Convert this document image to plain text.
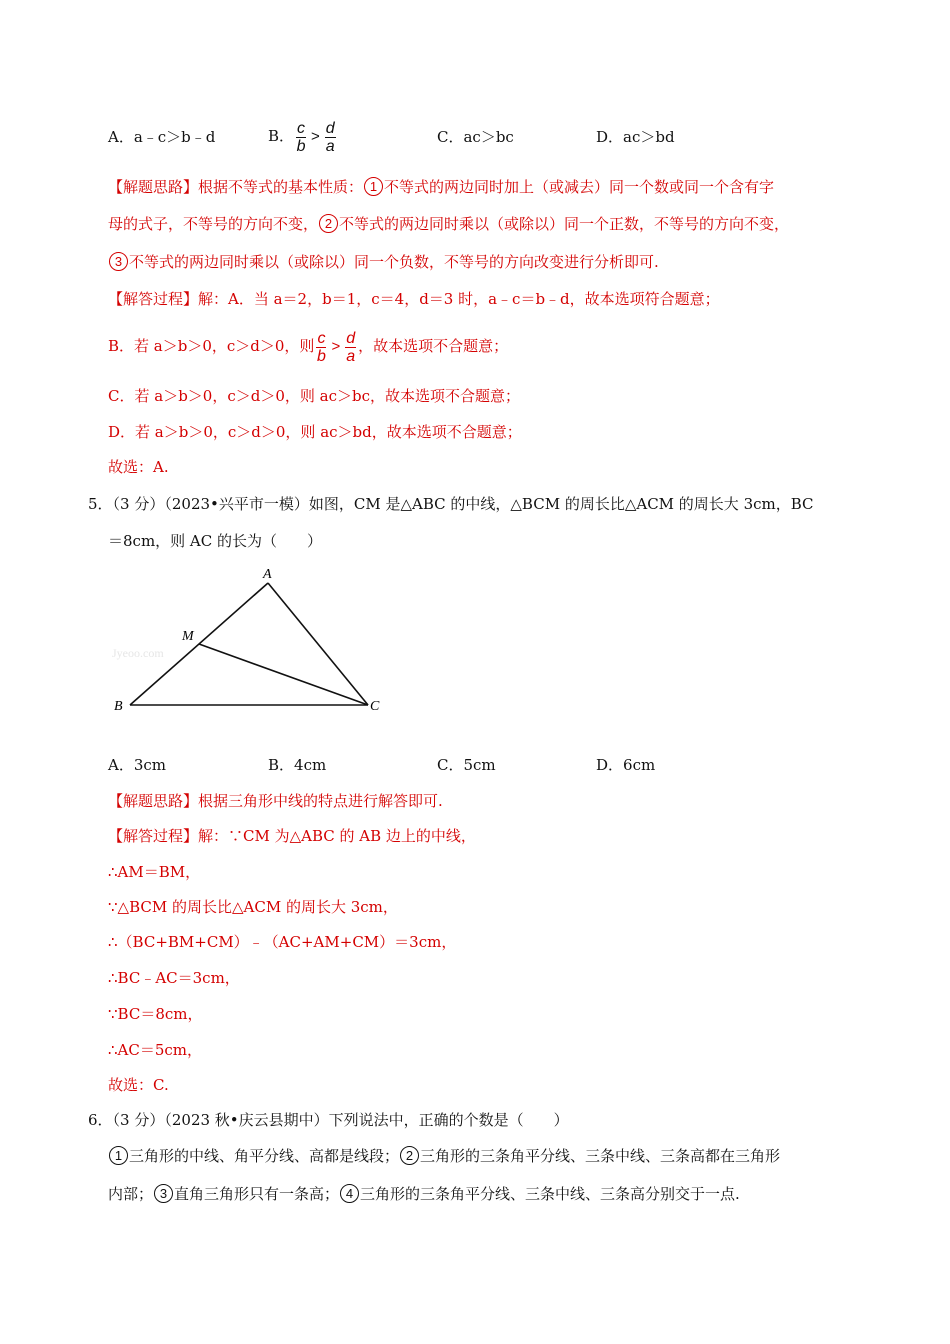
A．a﹣c＞b﹣d	B． $\frac{c}{b} > \frac{d}{a}$	C．ac＞bc	D．ac＞bd
【解题思路】根据不等式的基本性质： 1 不等式的两边同时加上（或减去）同一个数或同一个含有字
母的式子，不等号的方向不变， 2 不等式的两边同时乘以（或除以）同一个正数，不等号的方向不变，
3 不等式的两边同时乘以（或除以）同一个负数，不等号的方向改变进行分析即可.
【解答过程】解：A．当 a＝2，b＝1，c＝4，d＝3 时，a﹣c＝b﹣d，故本选项符合题意；
B．若 a＞b＞0，c＞d＞0，则 $\frac{c}{b} > \frac{d}{a}$ ，故本选项不合题意；
C．若 a＞b＞0，c＞d＞0，则 ac＞bc，故本选项不合题意；
D．若 a＞b＞0，c＞d＞0，则 ac＞bd，故本选项不合题意；
故选：A.
5．（3 分）（2023•兴平市一模）如图，CM 是△ABC 的中线，△BCM 的周长比△ACM 的周长大 3cm，BC
＝8cm，则 AC 的长为（　　）
Jyeoo.com
A
B	C
M
A．3cm	B．4cm	C．5cm	D．6cm
【解题思路】根据三角形中线的特点进行解答即可.
【解答过程】解：∵CM 为△ABC 的 AB 边上的中线，
∴AM＝BM，
∵△BCM 的周长比△ACM 的周长大 3cm，
∴（BC+BM+CM）﹣（AC+AM+CM）＝3cm，
∴BC﹣AC＝3cm，
∵BC＝8cm，
∴AC＝5cm，
故选：C.
6．（3 分）（2023 秋•庆云县期中）下列说法中，正确的个数是（　　）
1 三角形的中线、角平分线、高都是线段； 2 三角形的三条角平分线、三条中线、三条高都在三角形
内部； 3 直角三角形只有一条高； 4 三角形的三条角平分线、三条中线、三条高分别交于一点.
